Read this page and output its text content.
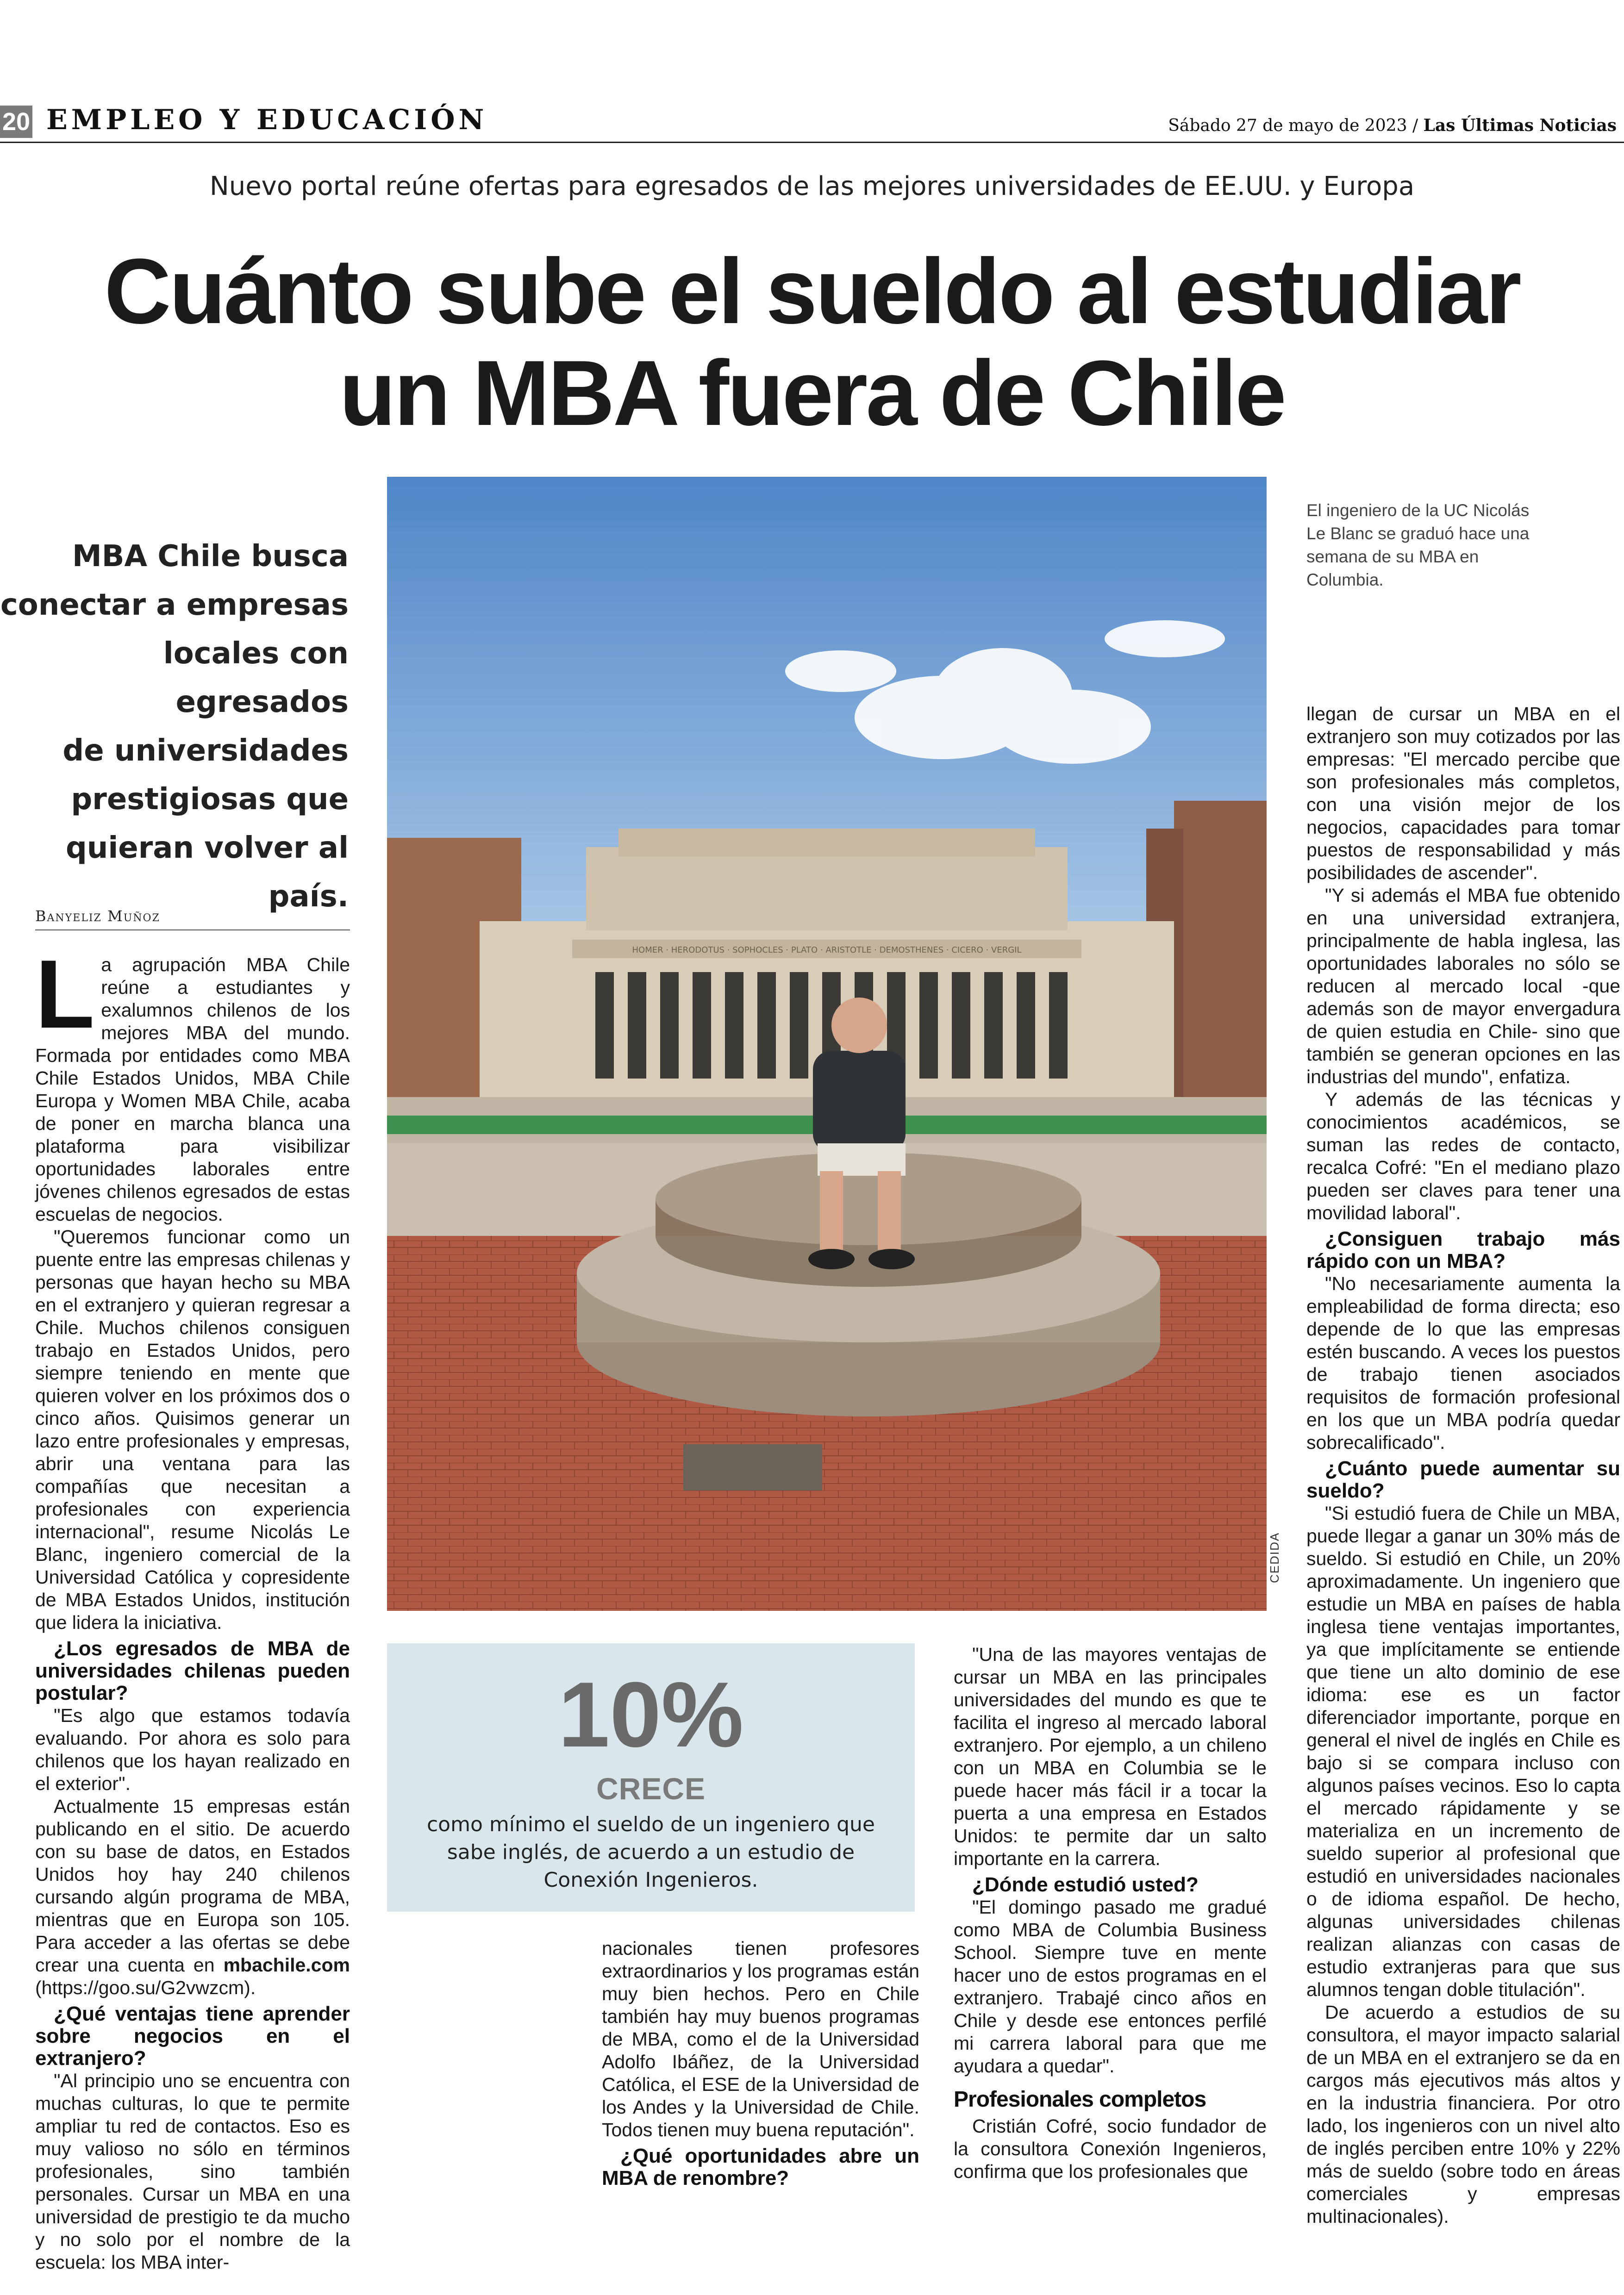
20 EMPLEO Y EDUCACIÓN	Sábado 27 de mayo de 2023 / Las Últimas Noticias
Nuevo portal reúne ofertas para egresados de las mejores universidades de EE.UU. y Europa
Cuánto sube el sueldo al estudiar
un MBA fuera de Chile
MBA Chile busca
conectar a empresas
locales con egresados
de universidades
prestigiosas que
quieran volver al país.
Banyeliz Muñoz
HOMER · HERODOTUS · SOPHOCLES · PLATO · ARISTOTLE · DEMOSTHENES · CICERO · VERGIL
CEDIDA
El ingeniero de la UC Nicolás Le Blanc se graduó hace una semana de su MBA en Columbia.

La agrupación MBA Chile reúne a estudiantes y exalumnos chilenos de los mejores MBA del mundo. Formada por entidades como MBA Chile Estados Unidos, MBA Chile Europa y Women MBA Chile, acaba de poner en marcha blanca una plataforma para visibilizar oportunidades laborales entre jóvenes chilenos egresados de estas escuelas de negocios.

"Queremos funcionar como un puente entre las empresas chilenas y personas que hayan hecho su MBA en el extranjero y quieran regresar a Chile. Muchos chilenos consiguen trabajo en Estados Unidos, pero siempre teniendo en mente que quieren volver en los próximos dos o cinco años. Quisimos generar un lazo entre profesionales y empresas, abrir una ventana para las compañías que necesitan a profesionales con experiencia internacional", resume Nicolás Le Blanc, ingeniero comercial de la Universidad Católica y copresidente de MBA Estados Unidos, institución que lidera la iniciativa.

¿Los egresados de MBA de universidades chilenas pueden postular?

"Es algo que estamos todavía evaluando. Por ahora es solo para chilenos que los hayan realizado en el exterior".

Actualmente 15 empresas están publicando en el sitio. De acuerdo con su base de datos, en Estados Unidos hoy hay 240 chilenos cursando algún programa de MBA, mientras que en Europa son 105. Para acceder a las ofertas se debe crear una cuenta en mbachile.com (https://goo.su/G2vwzcm).

¿Qué ventajas tiene aprender sobre negocios en el extranjero?

"Al principio uno se encuentra con muchas culturas, lo que te permite ampliar tu red de contactos. Eso es muy valioso no sólo en términos profesionales, sino también personales. Cursar un MBA en una universidad de prestigio te da mucho y no solo por el nombre de la escuela: los MBA inter-

10%
CRECE
como mínimo el sueldo de un ingeniero que sabe inglés, de acuerdo a un estudio de Conexión Ingenieros.

nacionales tienen profesores extraordinarios y los programas están muy bien hechos. Pero en Chile también hay muy buenos programas de MBA, como el de la Universidad Adolfo Ibáñez, de la Universidad Católica, el ESE de la Universidad de los Andes y la Universidad de Chile. Todos tienen muy buena reputación".

¿Qué oportunidades abre un MBA de renombre?

"Una de las mayores ventajas de cursar un MBA en las principales universidades del mundo es que te facilita el ingreso al mercado laboral extranjero. Por ejemplo, a un chileno con un MBA en Columbia se le puede hacer más fácil ir a tocar la puerta a una empresa en Estados Unidos: te permite dar un salto importante en la carrera.

¿Dónde estudió usted?

"El domingo pasado me gradué como MBA de Columbia Business School. Siempre tuve en mente hacer uno de estos programas en el extranjero. Trabajé cinco años en Chile y desde ese entonces perfilé mi carrera laboral para que me ayudara a quedar".

Profesionales completos

Cristián Cofré, socio fundador de la consultora Conexión Ingenieros, confirma que los profesionales que

llegan de cursar un MBA en el extranjero son muy cotizados por las empresas: "El mercado percibe que son profesionales más completos, con una visión mejor de los negocios, capacidades para tomar puestos de responsabilidad y más posibilidades de ascender".

"Y si además el MBA fue obtenido en una universidad extranjera, principalmente de habla inglesa, las oportunidades laborales no sólo se reducen al mercado local -que además son de mayor envergadura de quien estudia en Chile- sino que también se generan opciones en las industrias del mundo", enfatiza.

Y además de las técnicas y conocimientos académicos, se suman las redes de contacto, recalca Cofré: "En el mediano plazo pueden ser claves para tener una movilidad laboral".

¿Consiguen trabajo más rápido con un MBA?

"No necesariamente aumenta la empleabilidad de forma directa; eso depende de lo que las empresas estén buscando. A veces los puestos de trabajo tienen asociados requisitos de formación profesional en los que un MBA podría quedar sobrecalificado".

¿Cuánto puede aumentar su sueldo?

"Si estudió fuera de Chile un MBA, puede llegar a ganar un 30% más de sueldo. Si estudió en Chile, un 20% aproximadamente. Un ingeniero que estudie un MBA en países de habla inglesa tiene ventajas importantes, ya que implícitamente se entiende que tiene un alto dominio de ese idioma: ese es un factor diferenciador importante, porque en general el nivel de inglés en Chile es bajo si se compara incluso con algunos países vecinos. Eso lo capta el mercado rápidamente y se materializa en un incremento de sueldo superior al profesional que estudió en universidades nacionales o de idioma español. De hecho, algunas universidades chilenas realizan alianzas con casas de estudio extranjeras para que sus alumnos tengan doble titulación".

De acuerdo a estudios de su consultora, el mayor impacto salarial de un MBA en el extranjero se da en cargos más ejecutivos más altos y en la industria financiera. Por otro lado, los ingenieros con un nivel alto de inglés perciben entre 10% y 22% más de sueldo (sobre todo en áreas comerciales y empresas multinacionales).
